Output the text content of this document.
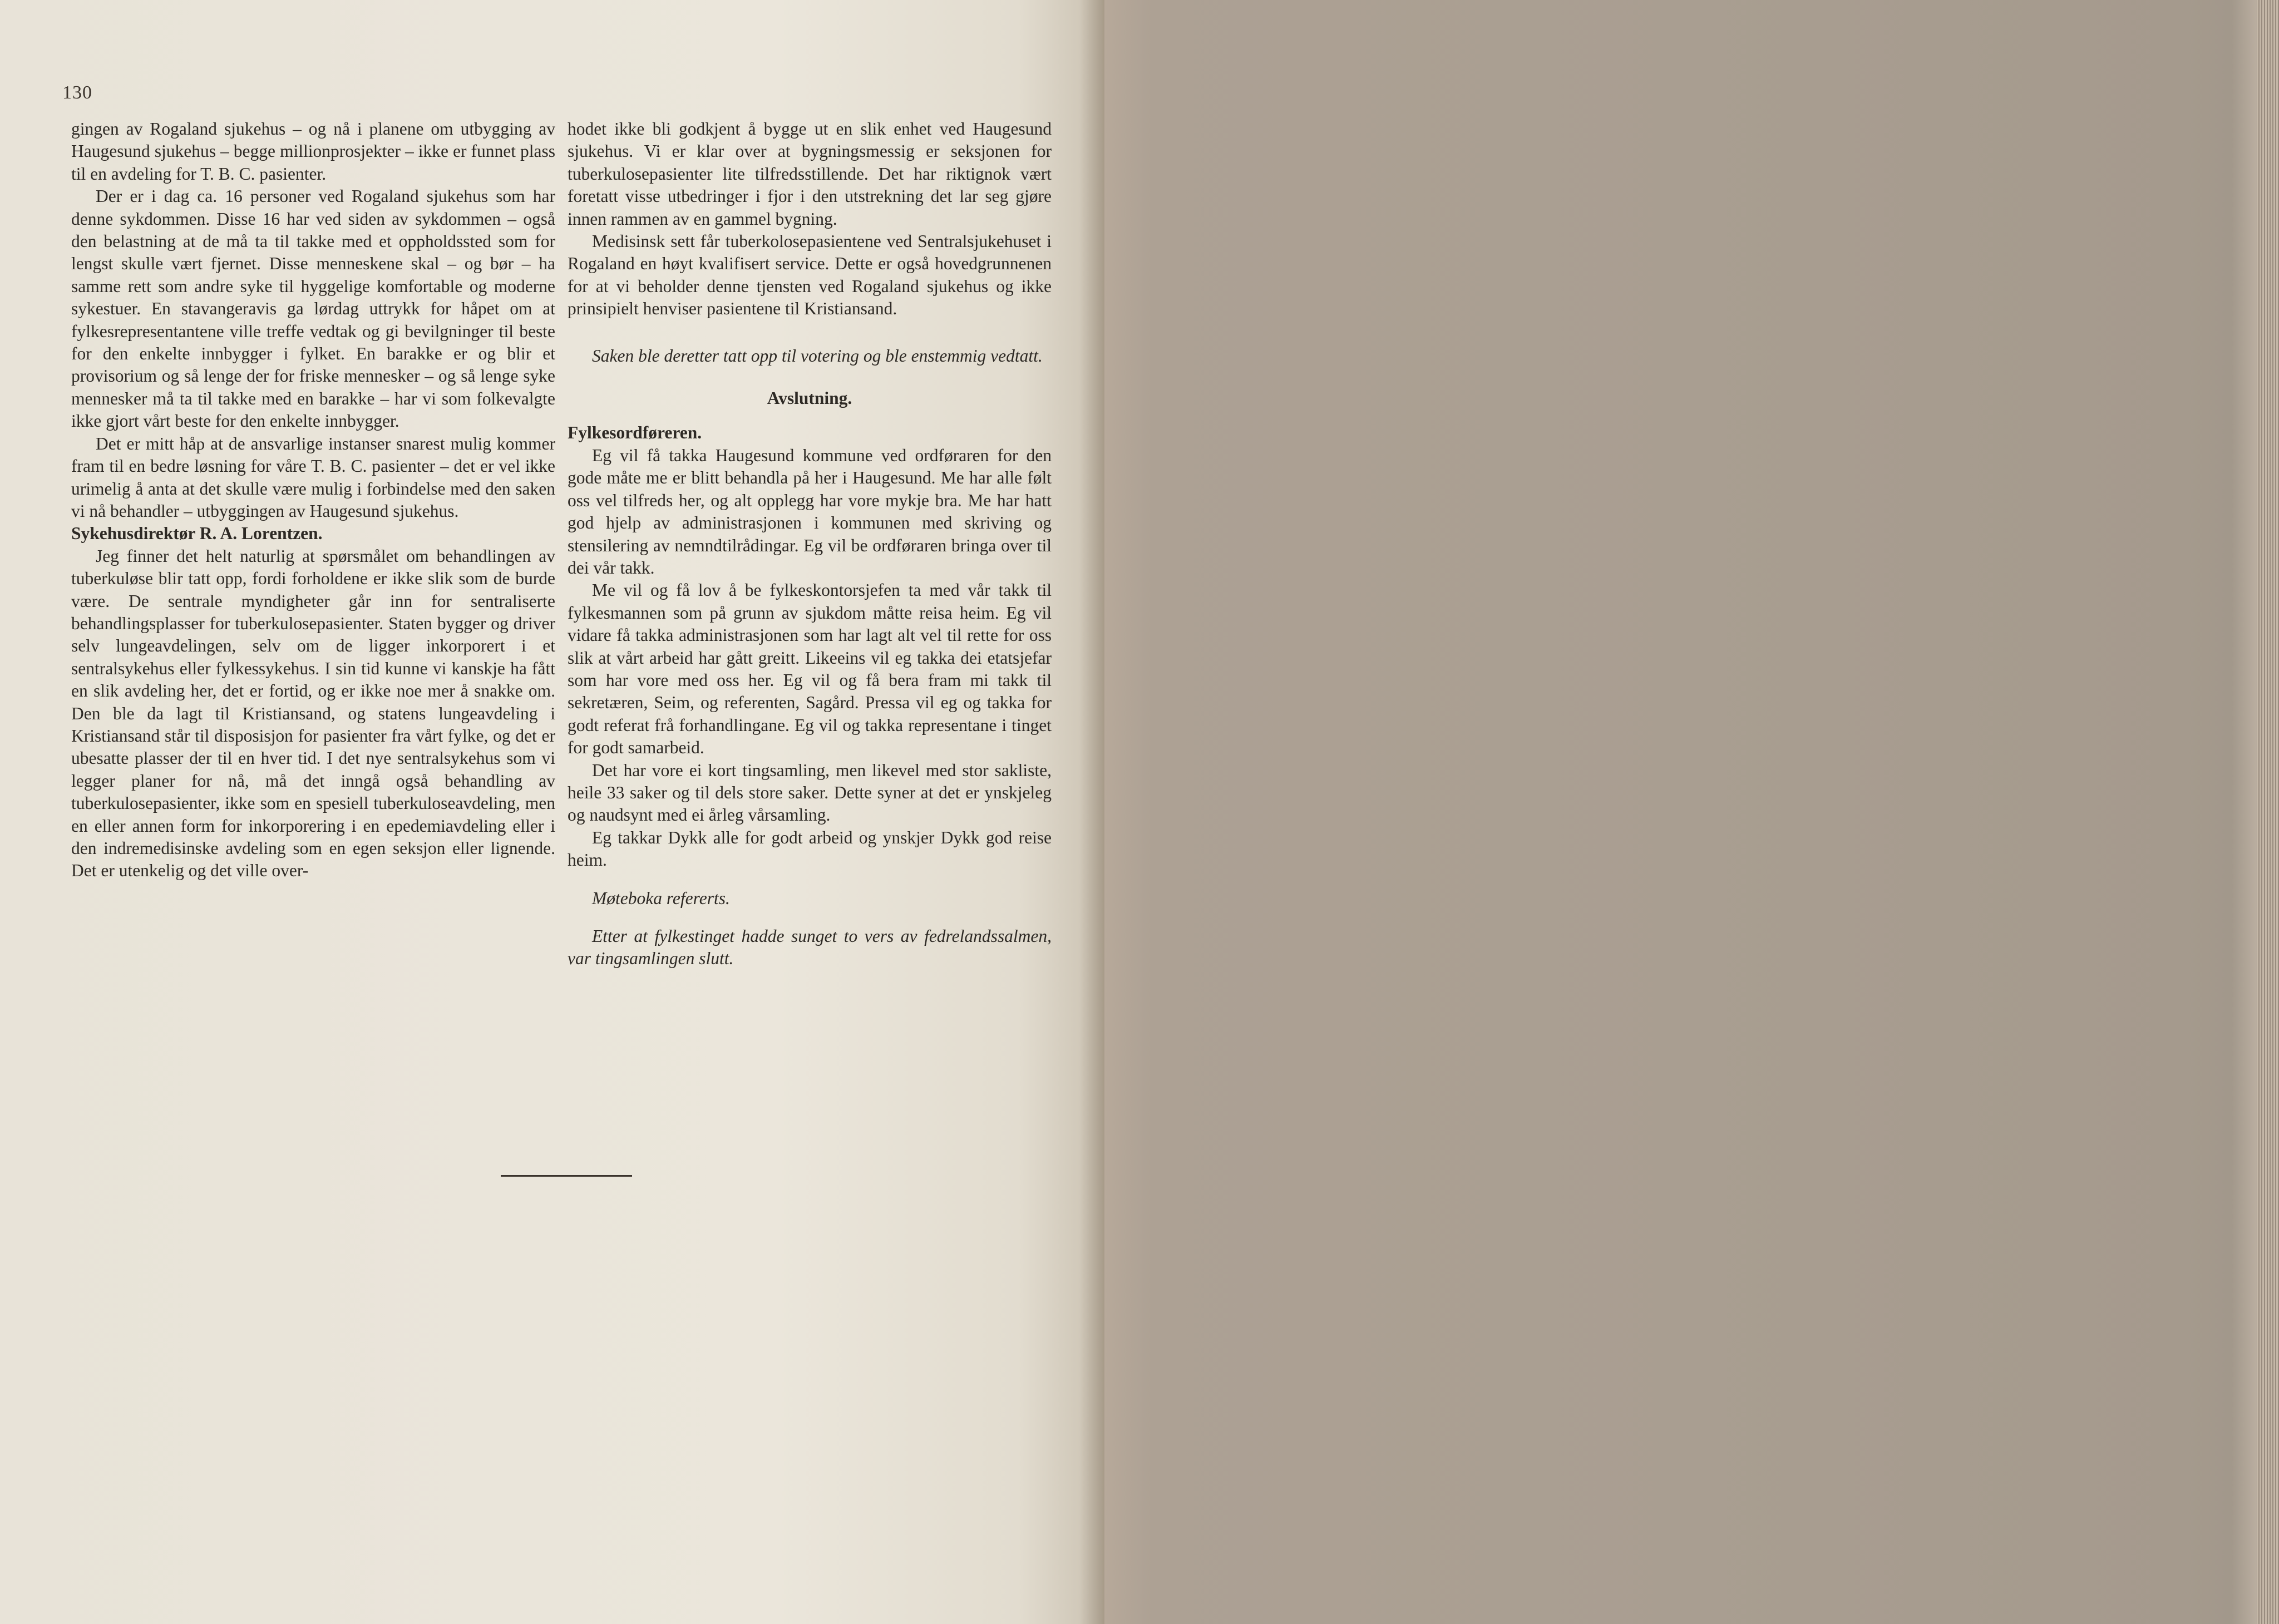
130

gingen av Rogaland sjukehus – og nå i planene om utbygging av Haugesund sjukehus – begge millionprosjekter – ikke er funnet plass til en avdeling for T. B. C. pasienter.

Der er i dag ca. 16 personer ved Rogaland sjukehus som har denne sykdommen. Disse 16 har ved siden av sykdommen – også den belastning at de må ta til takke med et oppholdssted som for lengst skulle vært fjernet. Disse menneskene skal – og bør – ha samme rett som andre syke til hyggelige komfortable og moderne sykestuer. En stavangeravis ga lørdag uttrykk for håpet om at fylkesrepresentantene ville treffe vedtak og gi bevilgninger til beste for den enkelte innbygger i fylket. En barakke er og blir et provisorium og så lenge der for friske mennesker – og så lenge syke mennesker må ta til takke med en barakke – har vi som folkevalgte ikke gjort vårt beste for den enkelte innbygger.

Det er mitt håp at de ansvarlige instanser snarest mulig kommer fram til en bedre løsning for våre T. B. C. pasienter – det er vel ikke urimelig å anta at det skulle være mulig i forbindelse med den saken vi nå behandler – utbyggingen av Haugesund sjukehus.

Sykehusdirektør R. A. Lorentzen.

Jeg finner det helt naturlig at spørsmålet om behandlingen av tuberkuløse blir tatt opp, fordi forholdene er ikke slik som de burde være. De sentrale myndigheter går inn for sentraliserte behandlingsplasser for tuberkulosepasienter. Staten bygger og driver selv lungeavdelingen, selv om de ligger inkorporert i et sentralsykehus eller fylkessykehus. I sin tid kunne vi kanskje ha fått en slik avdeling her, det er fortid, og er ikke noe mer å snakke om. Den ble da lagt til Kristiansand, og statens lungeavdeling i Kristiansand står til disposisjon for pasienter fra vårt fylke, og det er ubesatte plasser der til en hver tid. I det nye sentralsykehus som vi legger planer for nå, må det inngå også behandling av tuberkulosepasienter, ikke som en spesiell tuberkuloseavdeling, men en eller annen form for inkorporering i en epedemiavdeling eller i den indremedisinske avdeling som en egen seksjon eller lignende. Det er utenkelig og det ville over-

hodet ikke bli godkjent å bygge ut en slik enhet ved Haugesund sjukehus. Vi er klar over at bygningsmessig er seksjonen for tuberkulosepasienter lite tilfredsstillende. Det har riktignok vært foretatt visse utbedringer i fjor i den utstrekning det lar seg gjøre innen rammen av en gammel bygning.

Medisinsk sett får tuberkolosepasientene ved Sentralsjukehuset i Rogaland en høyt kvalifisert service. Dette er også hovedgrunnenen for at vi beholder denne tjensten ved Rogaland sjukehus og ikke prinsipielt henviser pasientene til Kristiansand.

Saken ble deretter tatt opp til votering og ble enstemmig vedtatt.

Avslutning.

Fylkesordføreren.

Eg vil få takka Haugesund kommune ved ordføraren for den gode måte me er blitt behandla på her i Haugesund. Me har alle følt oss vel tilfreds her, og alt opplegg har vore mykje bra. Me har hatt god hjelp av administrasjonen i kommunen med skriving og stensilering av nemndtilrådingar. Eg vil be ordføraren bringa over til dei vår takk.

Me vil og få lov å be fylkeskontorsjefen ta med vår takk til fylkesmannen som på grunn av sjukdom måtte reisa heim. Eg vil vidare få takka administrasjonen som har lagt alt vel til rette for oss slik at vårt arbeid har gått greitt. Likeeins vil eg takka dei etatsjefar som har vore med oss her. Eg vil og få bera fram mi takk til sekretæren, Seim, og referenten, Sagård. Pressa vil eg og takka for godt referat frå forhandlingane. Eg vil og takka representane i tinget for godt samarbeid.

Det har vore ei kort tingsamling, men likevel med stor sakliste, heile 33 saker og til dels store saker. Dette syner at det er ynskjeleg og naudsynt med ei årleg vårsamling.

Eg takkar Dykk alle for godt arbeid og ynskjer Dykk god reise heim.

Møteboka refererts.

Etter at fylkestinget hadde sunget to vers av fedrelandssalmen, var tingsamlingen slutt.
